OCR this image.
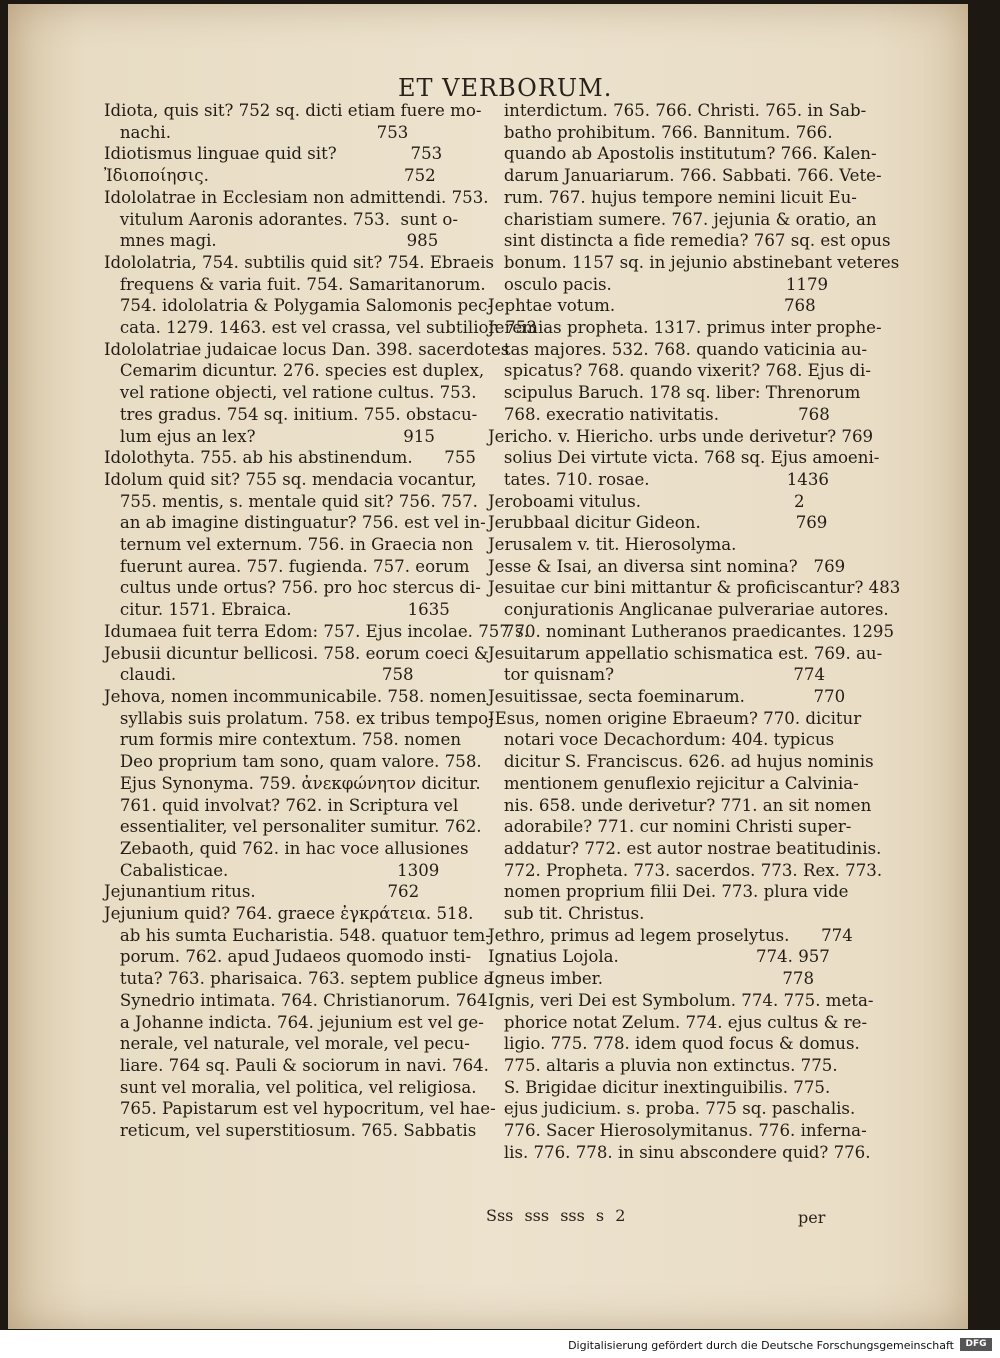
ET VERBORUM.

Idiota, quis sit? 752 sq. dicti etiam fuere mo-

nachi.                                       753

Idiotismus linguae quid sit?              753

Ἰδιοποίησις.                                     752

Idololatrae in Ecclesiam non admittendi. 753.

vitulum Aaronis adorantes. 753.  sunt o-

mnes magi.                                    985

Idololatria, 754. subtilis quid sit? 754. Ebraeis

frequens & varia fuit. 754. Samaritanorum.

754. idololatria & Polygamia Salomonis pec-

cata. 1279. 1463. est vel crassa, vel subtilior. 753

Idololatriae judaicae locus Dan. 398. sacerdotes

Cemarim dicuntur. 276. species est duplex,

vel ratione objecti, vel ratione cultus. 753.

tres gradus. 754 sq. initium. 755. obstacu-

lum ejus an lex?                            915

Idolothyta. 755. ab his abstinendum.      755

Idolum quid sit? 755 sq. mendacia vocantur,

755. mentis, s. mentale quid sit? 756. 757.

an ab imagine distinguatur? 756. est vel in-

ternum vel externum. 756. in Graecia non

fuerunt aurea. 757. fugienda. 757. eorum

cultus unde ortus? 756. pro hoc stercus di-

citur. 1571. Ebraica.                      1635

Idumaea fuit terra Edom: 757. Ejus incolae. 757 s.

Jebusii dicuntur bellicosi. 758. eorum coeci &

claudi.                                       758

Jehova, nomen incommunicabile. 758. nomen

syllabis suis prolatum. 758. ex tribus tempo-

rum formis mire contextum. 758. nomen

Deo proprium tam sono, quam valore. 758.

Ejus Synonyma. 759. ἀνεκφώνητον dicitur.

761. quid involvat? 762. in Scriptura vel

essentialiter, vel personaliter sumitur. 762.

Zebaoth, quid 762. in hac voce allusiones

Cabalisticae.                                1309

Jejunantium ritus.                         762

Jejunium quid? 764. graece ἐγκράτεια. 518.

ab his sumta Eucharistia. 548. quatuor tem-

porum. 762. apud Judaeos quomodo insti-

tuta? 763. pharisaica. 763. septem publice a

Synedrio intimata. 764. Christianorum. 764

a Johanne indicta. 764. jejunium est vel ge-

nerale, vel naturale, vel morale, vel pecu-

liare. 764 sq. Pauli & sociorum in navi. 764.

sunt vel moralia, vel politica, vel religiosa.

765. Papistarum est vel hypocritum, vel hae-

reticum, vel superstitiosum. 765. Sabbatis

interdictum. 765. 766. Christi. 765. in Sab-

batho prohibitum. 766. Bannitum. 766.

quando ab Apostolis institutum? 766. Kalen-

darum Januariarum. 766. Sabbati. 766. Vete-

rum. 767. hujus tempore nemini licuit Eu-

charistiam sumere. 767. jejunia & oratio, an

sint distincta a fide remedia? 767 sq. est opus

bonum. 1157 sq. in jejunio abstinebant veteres

osculo pacis.                                 1179

Jephtae votum.                                768

Jeremias propheta. 1317. primus inter prophe-

tas majores. 532. 768. quando vaticinia au-

spicatus? 768. quando vixerit? 768. Ejus di-

scipulus Baruch. 178 sq. liber: Threnorum

768. execratio nativitatis.               768

Jericho. v. Hiericho. urbs unde derivetur? 769

solius Dei virtute victa. 768 sq. Ejus amoeni-

tates. 710. rosae.                          1436

Jeroboami vitulus.                             2

Jerubbaal dicitur Gideon.                  769

Jerusalem v. tit. Hierosolyma.

Jesse & Isai, an diversa sint nomina?   769

Jesuitae cur bini mittantur & proficiscantur? 483

conjurationis Anglicanae pulverariae autores.

770. nominant Lutheranos praedicantes. 1295

Jesuitarum appellatio schismatica est. 769. au-

tor quisnam?                                  774

Jesuitissae, secta foeminarum.             770

JEsus, nomen origine Ebraeum? 770. dicitur

notari voce Decachordum: 404. typicus

dicitur S. Franciscus. 626. ad hujus nominis

mentionem genuflexio rejicitur a Calvinia-

nis. 658. unde derivetur? 771. an sit nomen

adorabile? 771. cur nomini Christi super-

addatur? 772. est autor nostrae beatitudinis.

772. Propheta. 773. sacerdos. 773. Rex. 773.

nomen proprium filii Dei. 773. plura vide

sub tit. Christus.

Jethro, primus ad legem proselytus.      774

Ignatius Lojola.                          774. 957

Igneus imber.                                  778

Ignis, veri Dei est Symbolum. 774. 775. meta-

phorice notat Zelum. 774. ejus cultus & re-

ligio. 775. 778. idem quod focus & domus.

775. altaris a pluvia non extinctus. 775.

S. Brigidae dicitur inextinguibilis. 775.

ejus judicium. s. proba. 775 sq. paschalis.

776. Sacer Hierosolymitanus. 776. inferna-

lis. 776. 778. in sinu abscondere quid? 776.

Sss sss sss s 2	per
Digitalisierung gefördert durch die Deutsche Forschungsgemeinschaft	DFG
